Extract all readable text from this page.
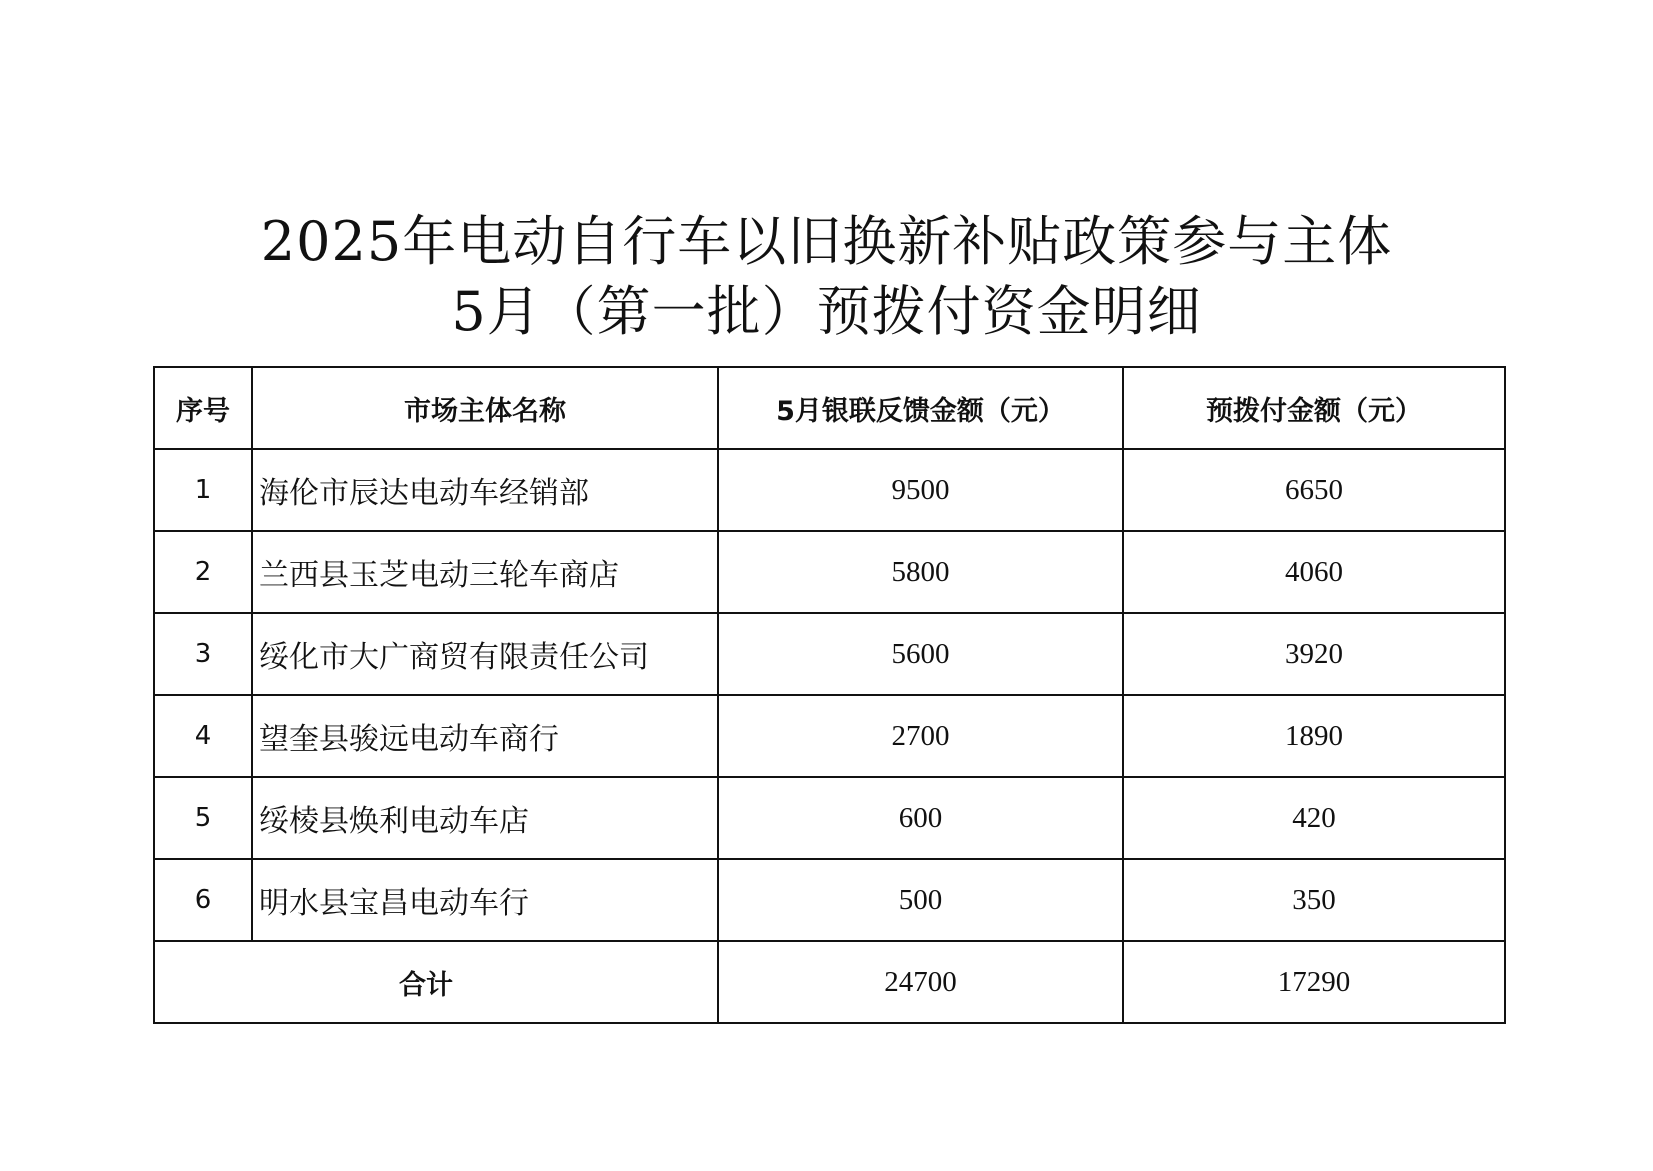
2025年电动自行车以旧换新补贴政策参与主体
5月（第一批）预拨付资金明细
序号	市场主体名称	5月银联反馈金额（元）	预拨付金额（元）
1	海伦市辰达电动车经销部	9500	6650
2	兰西县玉芝电动三轮车商店	5800	4060
3	绥化市大广商贸有限责任公司	5600	3920
4	望奎县骏远电动车商行	2700	1890
5	绥棱县焕利电动车店	600	420
6	明水县宝昌电动车行	500	350
合计		24700	17290
